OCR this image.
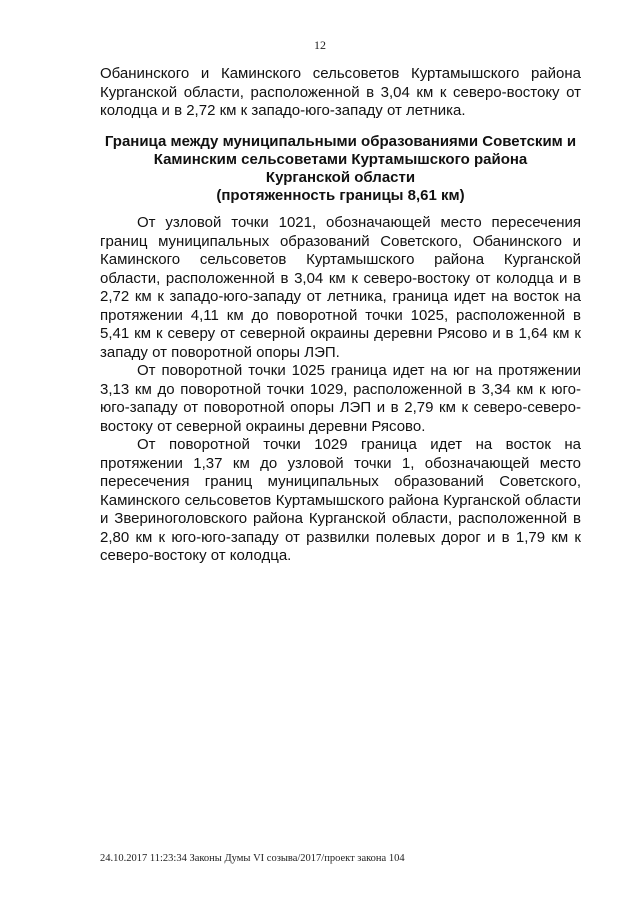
12

Обанинского и Каминского сельсоветов Куртамышского района Курганской области, расположенной в 3,04 км к северо-востоку от колодца и в 2,72 км к западо-юго-западу от летника.

Граница между муниципальными образованиями Советским и
Каминским сельсоветами Куртамышского района
Курганской области
(протяженность границы 8,61 км)

От узловой точки 1021, обозначающей место пересечения границ муниципальных образований Советского, Обанинского и Каминского сельсоветов Куртамышского района Курганской области, расположенной в 3,04 км к северо-востоку от колодца и в 2,72 км к западо-юго-западу от летника, граница идет на восток на протяжении 4,11 км до поворотной точки 1025, расположенной в 5,41 км к северу от северной окраины деревни Рясово и в 1,64 км к западу от поворотной опоры ЛЭП.

От поворотной точки 1025 граница идет на юг на протяжении 3,13 км до поворотной точки 1029, расположенной в 3,34 км к юго-юго-западу от поворотной опоры ЛЭП и в 2,79 км к северо-северо-востоку от северной окраины деревни Рясово.

От поворотной точки 1029 граница идет на восток на протяжении 1,37 км до узловой точки 1, обозначающей место пересечения границ муниципальных образований Советского, Каминского сельсоветов Куртамышского района Курганской области и Звериноголовского района Курганской области, расположенной в 2,80 км к юго-юго-западу от развилки полевых дорог и в 1,79 км к северо-востоку от колодца.

24.10.2017 11:23:34 Законы Думы VI созыва/2017/проект закона 104
